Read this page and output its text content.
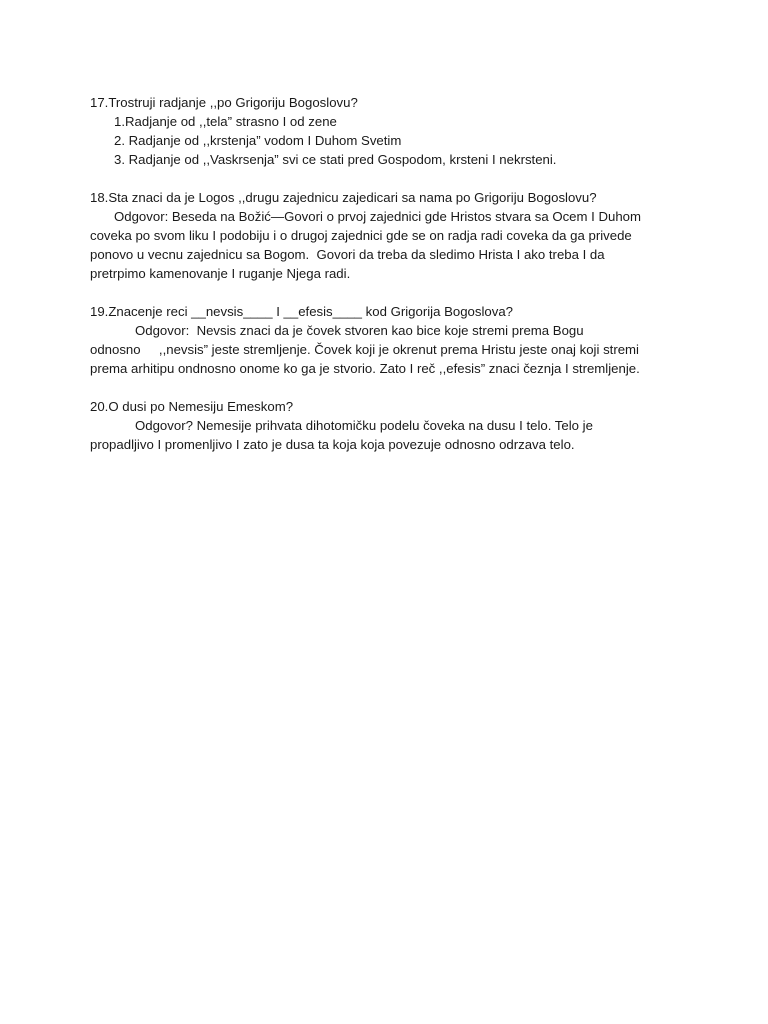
17.Trostruji radjanje ,,po Grigoriju Bogoslovu?
1.Radjanje od ,,tela” strasno I od zene
2. Radjanje od ,,krstenja” vodom I Duhom Svetim
3. Radjanje od ,,Vaskrsenja” svi ce stati pred Gospodom, krsteni I nekrsteni.
18.Sta znaci da je Logos ,,drugu zajednicu zajedicari sa nama po Grigoriju Bogoslovu?
Odgovor: Beseda na Božić—Govori o prvoj zajednici gde Hristos stvara sa Ocem I Duhom
coveka po svom liku I podobiju i o drugoj zajednici gde se on radja radi coveka da ga privede
ponovo u vecnu zajednicu sa Bogom.  Govori da treba da sledimo Hrista I ako treba I da
pretrpimo kamenovanje I ruganje Njega radi.
19.Znacenje reci __nevsis____ I __efesis____ kod Grigorija Bogoslova?
Odgovor:  Nevsis znaci da je čovek stvoren kao bice koje stremi prema Bogu
odnosno     ,,nevsis” jeste stremljenje. Čovek koji je okrenut prema Hristu jeste onaj koji stremi
prema arhitipu ondnosno onome ko ga je stvorio. Zato I reč ,,efesis” znaci čeznja I stremljenje.
20.O dusi po Nemesiju Emeskom?
Odgovor? Nemesije prihvata dihotomičku podelu čoveka na dusu I telo. Telo je
propadljivo I promenljivo I zato je dusa ta koja koja povezuje odnosno odrzava telo.
